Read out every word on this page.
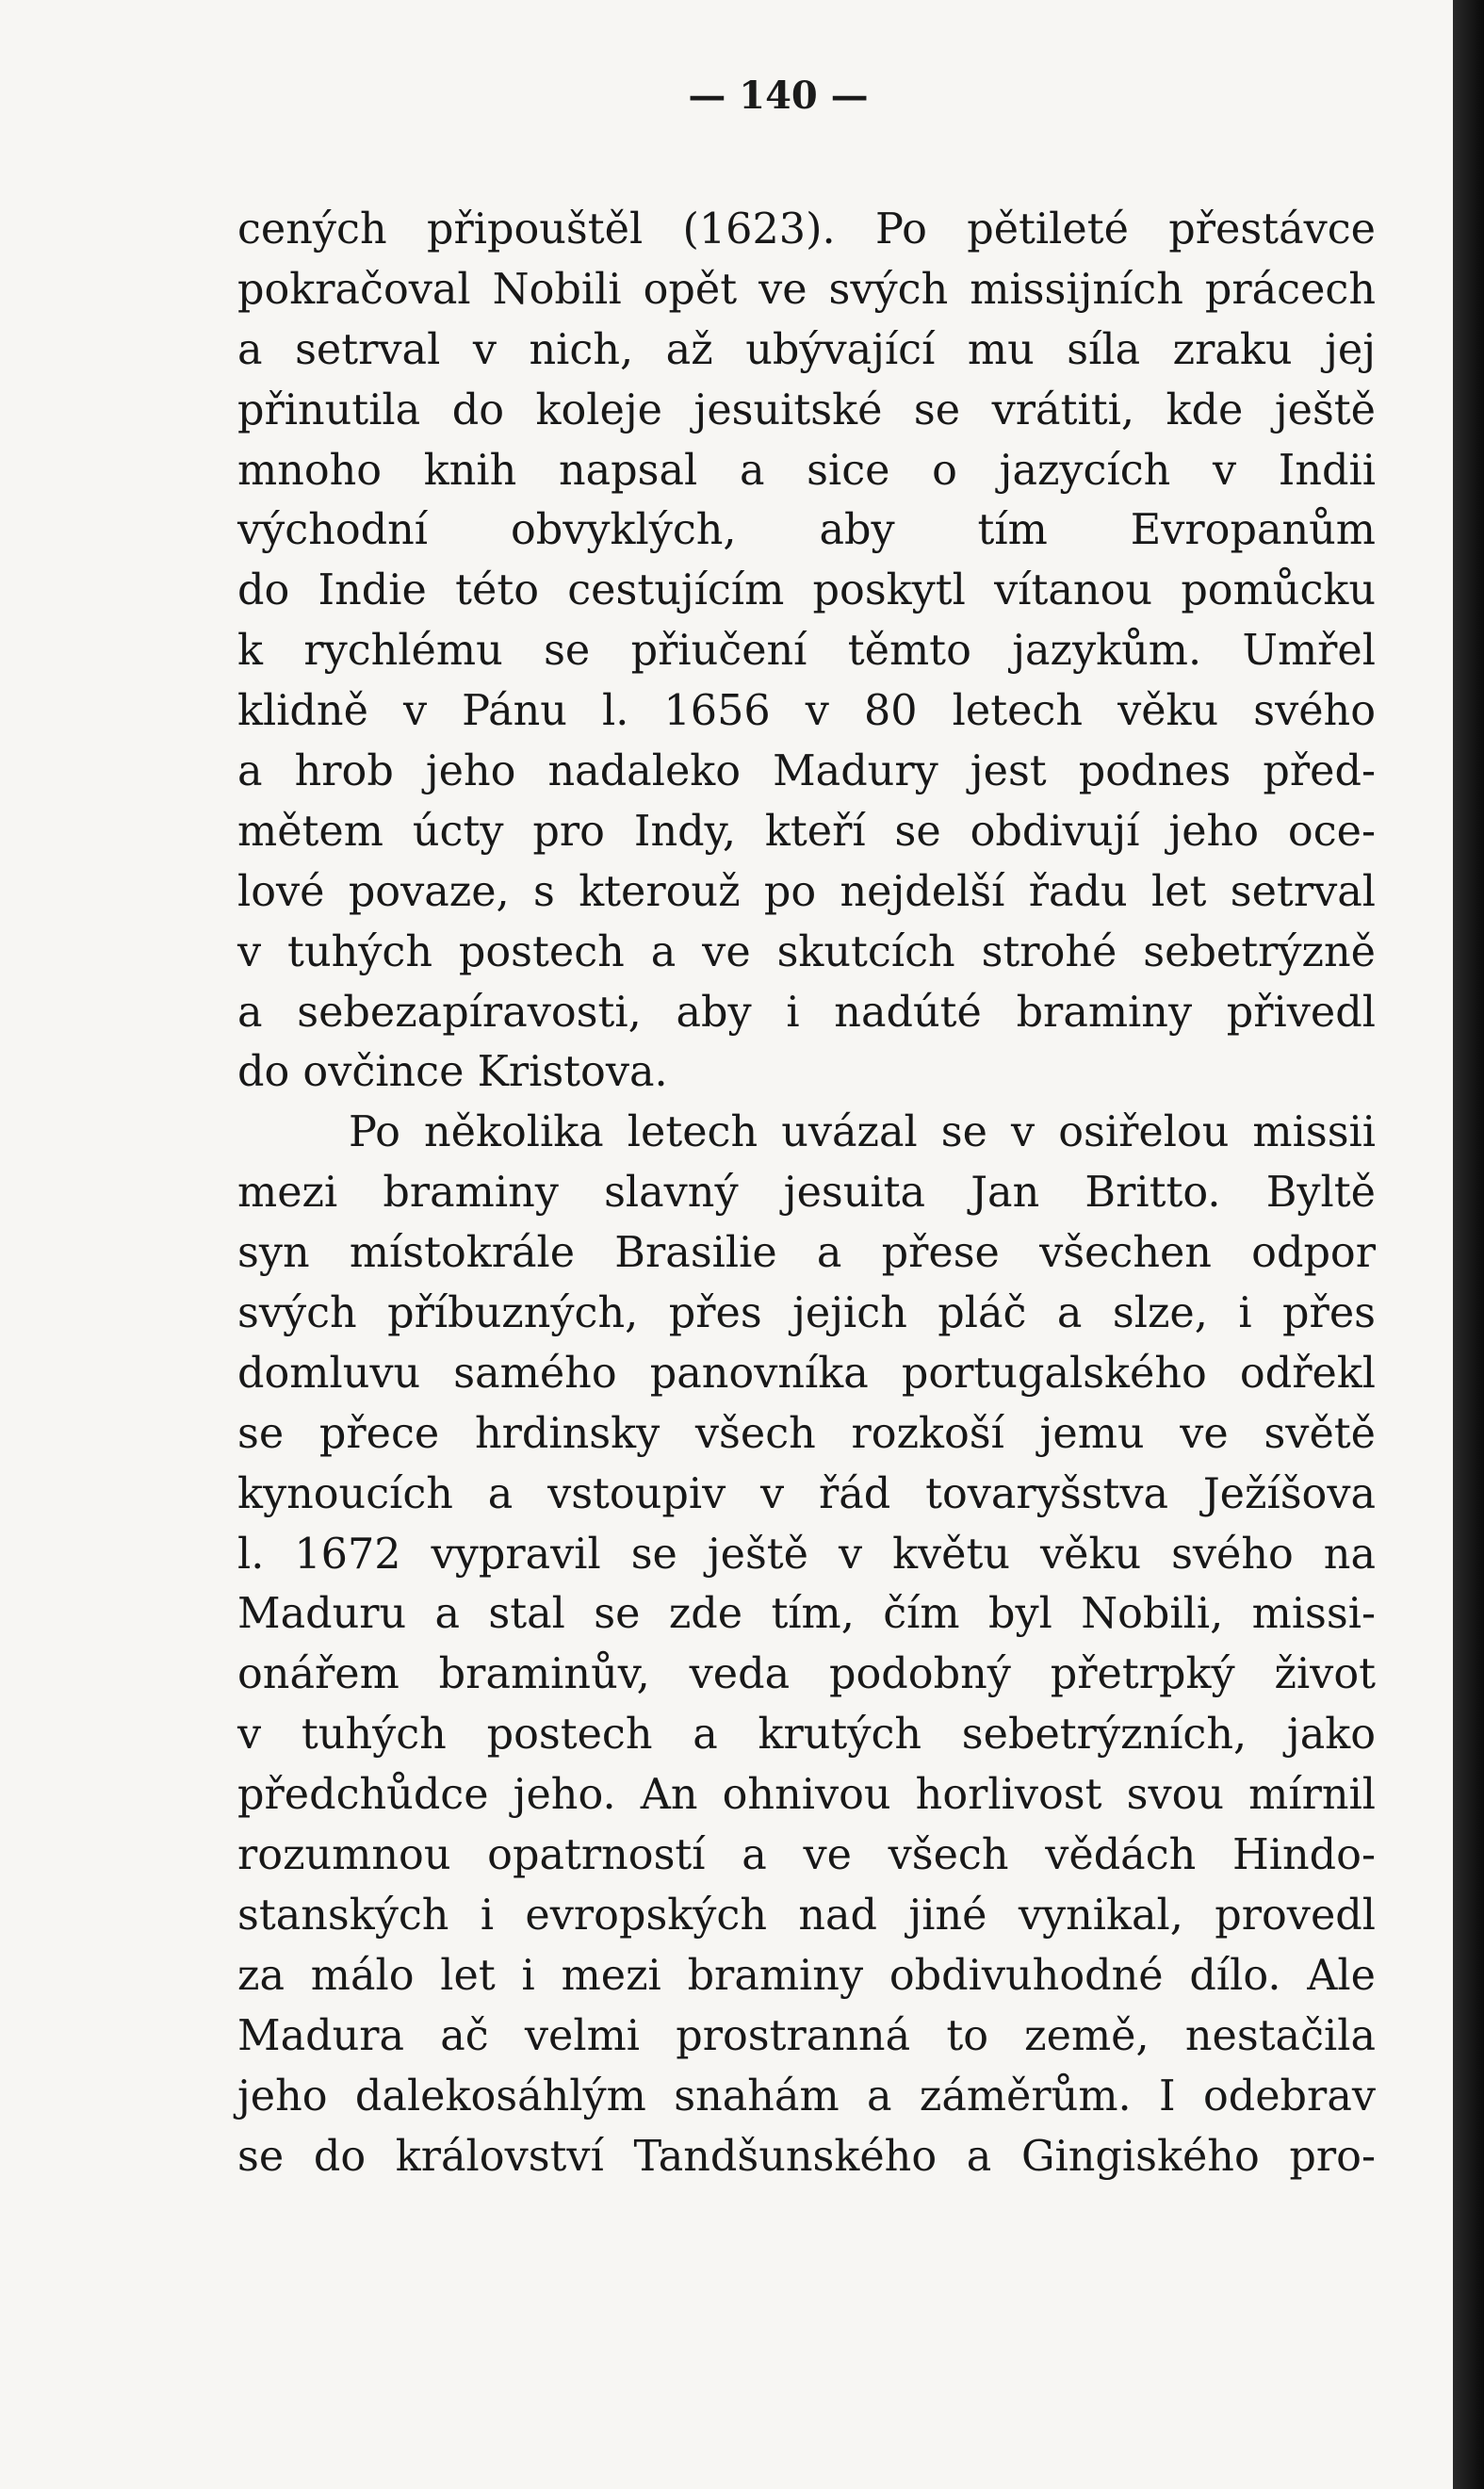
— 140 —
cených připouštěl (1623). Po pětileté přestávce
pokračoval Nobili opět ve svých missijních prácech
a setrval v nich, až ubývající mu síla zraku jej
přinutila do koleje jesuitské se vrátiti, kde ještě
mnoho knih napsal a sice o jazycích v Indii
východní obvyklých, aby tím Evropanům
do Indie této cestujícím poskytl vítanou pomůcku
k rychlému se přiučení těmto jazykům. Umřel
klidně v Pánu l. 1656 v 80 letech věku svého
a hrob jeho nadaleko Madury jest podnes před-
mětem úcty pro Indy, kteří se obdivují jeho oce-
lové povaze, s kterouž po nejdelší řadu let setrval
v tuhých postech a ve skutcích strohé sebetrýzně
a sebezapíravosti, aby i nadúté braminy přivedl
do ovčince Kristova.
Po několika letech uvázal se v osiřelou missii
mezi braminy slavný jesuita Jan Britto. Byltě
syn místokrále Brasilie a přese všechen odpor
svých příbuzných, přes jejich pláč a slze, i přes
domluvu samého panovníka portugalského odřekl
se přece hrdinsky všech rozkoší jemu ve světě
kynoucích a vstoupiv v řád tovaryšstva Ježíšova
l. 1672 vypravil se ještě v květu věku svého na
Maduru a stal se zde tím, čím byl Nobili, missi-
onářem braminův, veda podobný přetrpký život
v tuhých postech a krutých sebetrýzních, jako
předchůdce jeho. An ohnivou horlivost svou mírnil
rozumnou opatrností a ve všech vědách Hindo-
stanských i evropských nad jiné vynikal, provedl
za málo let i mezi braminy obdivuhodné dílo. Ale
Madura ač velmi prostranná to země, nestačila
jeho dalekosáhlým snahám a záměrům. I odebrav
se do království Tandšunského a Gingiského pro-
